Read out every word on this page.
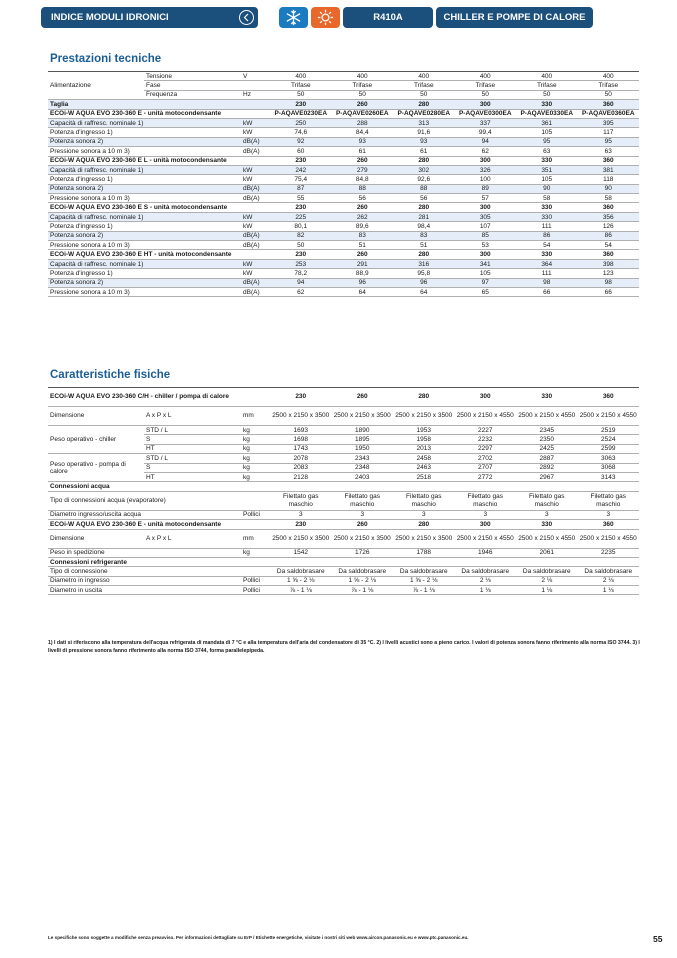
INDICE MODULI IDRONICI	R410A	CHILLER E POMPE DI CALORE
Prestazioni tecniche
Alimentazione	Tensione	V	400	400	400	400	400	400
	Fase		Trifase	Trifase	Trifase	Trifase	Trifase	Trifase
	Frequenza	Hz	50	50	50	50	50	50
Taglia			230	260	280	300	330	360
ECOi-W AQUA EVO 230-360 E - unità motocondensante			P-AQAVE0230EA	P-AQAVE0260EA	P-AQAVE0280EA	P-AQAVE0300EA	P-AQAVE0330EA	P-AQAVE0360EA
Capacità di raffresc. nominale 1)		kW	250	288	313	337	361	395
Potenza d'ingresso 1)		kW	74,6	84,4	91,6	99,4	105	117
Potenza sonora 2)		dB(A)	92	93	93	94	95	95
Pressione sonora a 10 m 3)		dB(A)	60	61	61	62	63	63
ECOi-W AQUA EVO 230-360 E L - unità motocondensante			230	260	280	300	330	360
Capacità di raffresc. nominale 1)		kW	242	279	302	326	351	381
Potenza d'ingresso 1)		kW	75,4	84,8	92,6	100	105	118
Potenza sonora 2)		dB(A)	87	88	88	89	90	90
Pressione sonora a 10 m 3)		dB(A)	55	56	56	57	58	58
ECOi-W AQUA EVO 230-360 E S - unità motocondensante			230	260	280	300	330	360
Capacità di raffresc. nominale 1)		kW	225	262	281	305	330	356
Potenza d'ingresso 1)		kW	80,1	89,6	98,4	107	111	126
Potenza sonora 2)		dB(A)	82	83	83	85	86	86
Pressione sonora a 10 m 3)		dB(A)	50	51	51	53	54	54
ECOi-W AQUA EVO 230-360 E HT - unità motocondensante			230	260	280	300	330	360
Capacità di raffresc. nominale 1)		kW	253	291	316	341	364	398
Potenza d'ingresso 1)		kW	78,2	88,9	95,8	105	111	123
Potenza sonora 2)		dB(A)	94	96	96	97	98	98
Pressione sonora a 10 m 3)		dB(A)	62	64	64	65	66	66
Caratteristiche fisiche
ECOi-W AQUA EVO 230-360 C/H - chiller / pompa di calore			230	260	280	300	330	360
Dimensione	A x P x L	mm	2500 x 2150 x 3500	2500 x 2150 x 3500	2500 x 2150 x 3500	2500 x 2150 x 4550	2500 x 2150 x 4550	2500 x 2150 x 4550
Peso operativo - chiller	STD / L	kg	1693	1890	1953	2227	2345	2519
	S	kg	1698	1895	1958	2232	2350	2524
	HT	kg	1743	1950	2013	2297	2425	2599
Peso operativo - pompa di calore	STD / L	kg	2078	2343	2458	2702	2887	3063
	S	kg	2083	2348	2463	2707	2892	3068
	HT	kg	2128	2403	2518	2772	2967	3143
Connessioni acqua								
Tipo di connessioni acqua (evaporatore)			Filettato gas maschio	Filettato gas maschio	Filettato gas maschio	Filettato gas maschio	Filettato gas maschio	Filettato gas maschio
Diametro ingresso/uscita acqua		Pollici	3	3	3	3	3	3
ECOi-W AQUA EVO 230-360 E - unità motocondensante			230	260	280	300	330	360
Dimensione	A x P x L	mm	2500 x 2150 x 3500	2500 x 2150 x 3500	2500 x 2150 x 3500	2500 x 2150 x 4550	2500 x 2150 x 4550	2500 x 2150 x 4550
Peso in spedizione		kg	1542	1726	1788	1946	2061	2235
Connessioni refrigerante								
Tipo di connessione			Da saldobrasare	Da saldobrasare	Da saldobrasare	Da saldobrasare	Da saldobrasare	Da saldobrasare
Diametro in ingresso		Pollici	1 ⅝ - 2 ⅛	1 ⅝ - 2 ⅛	1 ⅝ - 2 ⅛	2 ⅛	2 ⅛	2 ⅛
Diametro in uscita		Pollici	⅞ - 1 ⅛	⅞ - 1 ⅛	⅞ - 1 ⅛	1 ⅛	1 ⅛	1 ⅛
1) I dati si riferiscono alla temperatura dell'acqua refrigerata di mandata di 7 °C e alla temperatura dell'aria del condensatore di 35 °C. 2) I livelli acustici sono a pieno carico. I valori di potenza sonora fanno riferimento alla norma ISO 3744. 3) I livelli di pressione sonora fanno riferimento alla norma ISO 3744, forma parallelepipeda.
Le specifiche sono soggette a modifiche senza preavviso. Per informazioni dettagliate su ErP / Etichette energetiche, visitate i nostri siti web www.aircon.panasonic.eu e www.ptc.panasonic.eu.	55
